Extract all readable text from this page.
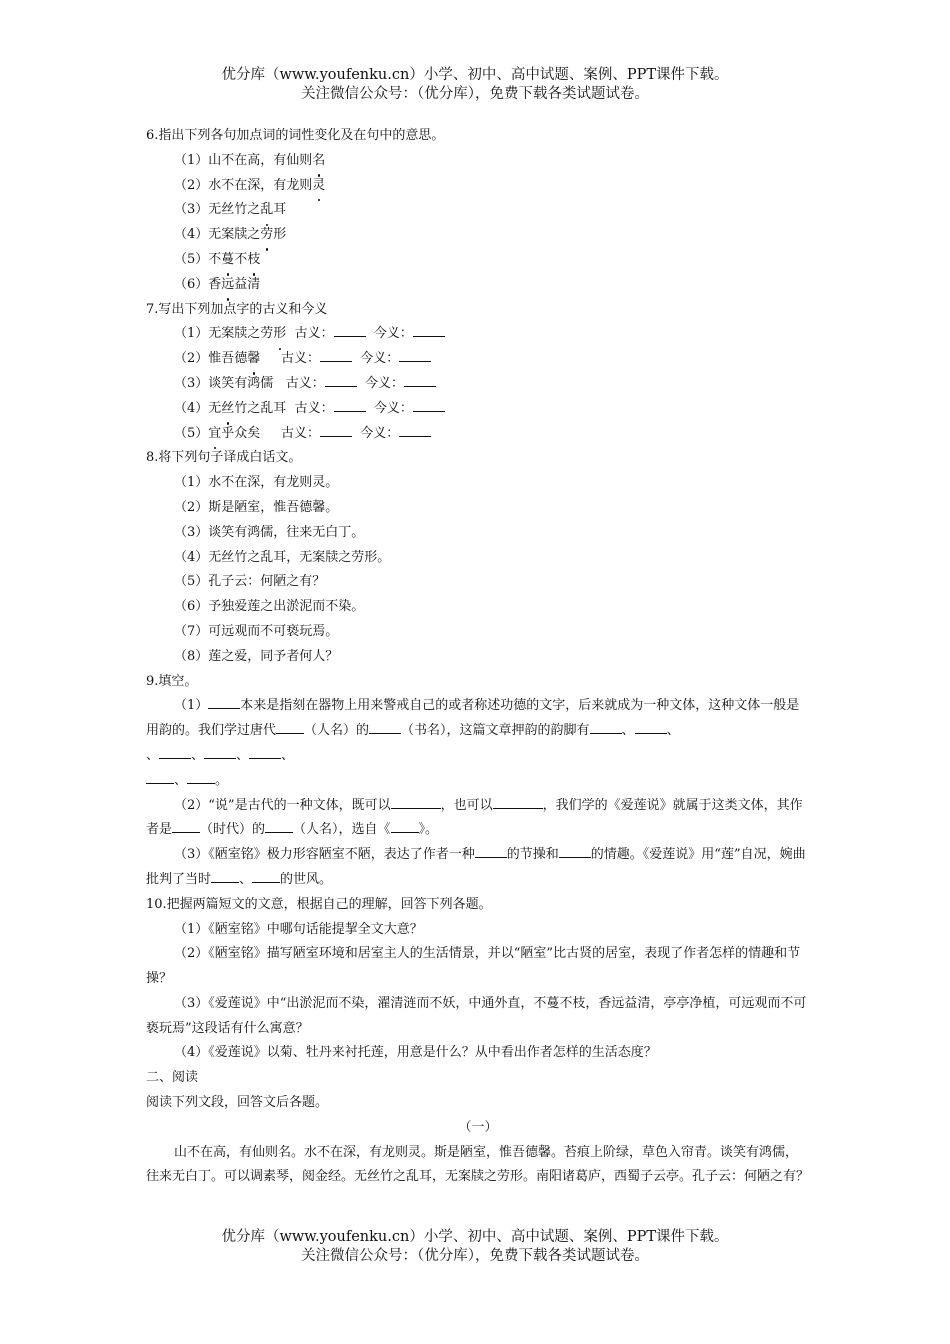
优分库（www.youfenku.cn）小学、初中、高中试题、案例、PPT课件下载。
关注微信公众号：（优分库），免费下载各类试题试卷。

6.指出下列各句加点词的词性变化及在句中的意思。

（1）山不在高，有仙则名

（2）水不在深，有龙则灵

（3）无丝竹之乱耳

（4）无案牍之劳形

（5）不蔓不枝

（6）香远益清

7.写出下列加点字的古义和今义

（1）无案牍之劳形 古义：	今义：

（2）惟吾德馨 古义：	今义：

（3）谈笑有鸿儒 古义：	今义：

（4）无丝竹之乱耳  古义：	今义：

（5）宜乎众矣     古义：	今义：

8.将下列句子译成白话文。

（1）水不在深，有龙则灵。

（2）斯是陋室，惟吾德馨。

（3）谈笑有鸿儒，往来无白丁。

（4）无丝竹之乱耳，无案牍之劳形。

（5）孔子云：何陋之有？

（6）予独爱莲之出淤泥而不染。

（7）可远观而不可亵玩焉。

（8）莲之爱，同予者何人？

9.填空。

（1） 本来是指刻在器物上用来警戒自己的或者称述功德的文字，后来就成为一种文体，这种文体一般是用韵的。我们学过唐代 （人名）的 （书名），这篇文章押韵的韵脚有 、 、
、 、 、 、
、 。

（2）“说”是古代的一种文体，既可以	，也可以	，我们学的《爱莲说》就属于这类文体，其作者是 （时代）的 （人名），选自《 》。

（3）《陋室铭》极力形容陋室不陋，表达了作者一种 的节操和 的情趣。《爱莲说》用“莲”自况，婉曲批判了当时 、 的世风。

10.把握两篇短文的文意，根据自己的理解，回答下列各题。

（1）《陋室铭》中哪句话能提挈全文大意？

（2）《陋室铭》描写陋室环境和居室主人的生活情景，并以“陋室”比古贤的居室，表现了作者怎样的情趣和节操？

（3）《爱莲说》中“出淤泥而不染，濯清涟而不妖，中通外直，不蔓不枝，香远益清，亭亭净植，可远观而不可亵玩焉”这段话有什么寓意？

（4）《爱莲说》以菊、牡丹来衬托莲，用意是什么？从中看出作者怎样的生活态度？

二、阅读

阅读下列文段，回答文后各题。

（一）

山不在高，有仙则名。水不在深，有龙则灵。斯是陋室，惟吾德馨。苔痕上阶绿，草色入帘青。谈笑有鸿儒，往来无白丁。可以调素琴，阅金经。无丝竹之乱耳，无案牍之劳形。南阳诸葛庐，西蜀子云亭。孔子云：何陋之有？

优分库（www.youfenku.cn）小学、初中、高中试题、案例、PPT课件下载。
关注微信公众号：（优分库），免费下载各类试题试卷。
